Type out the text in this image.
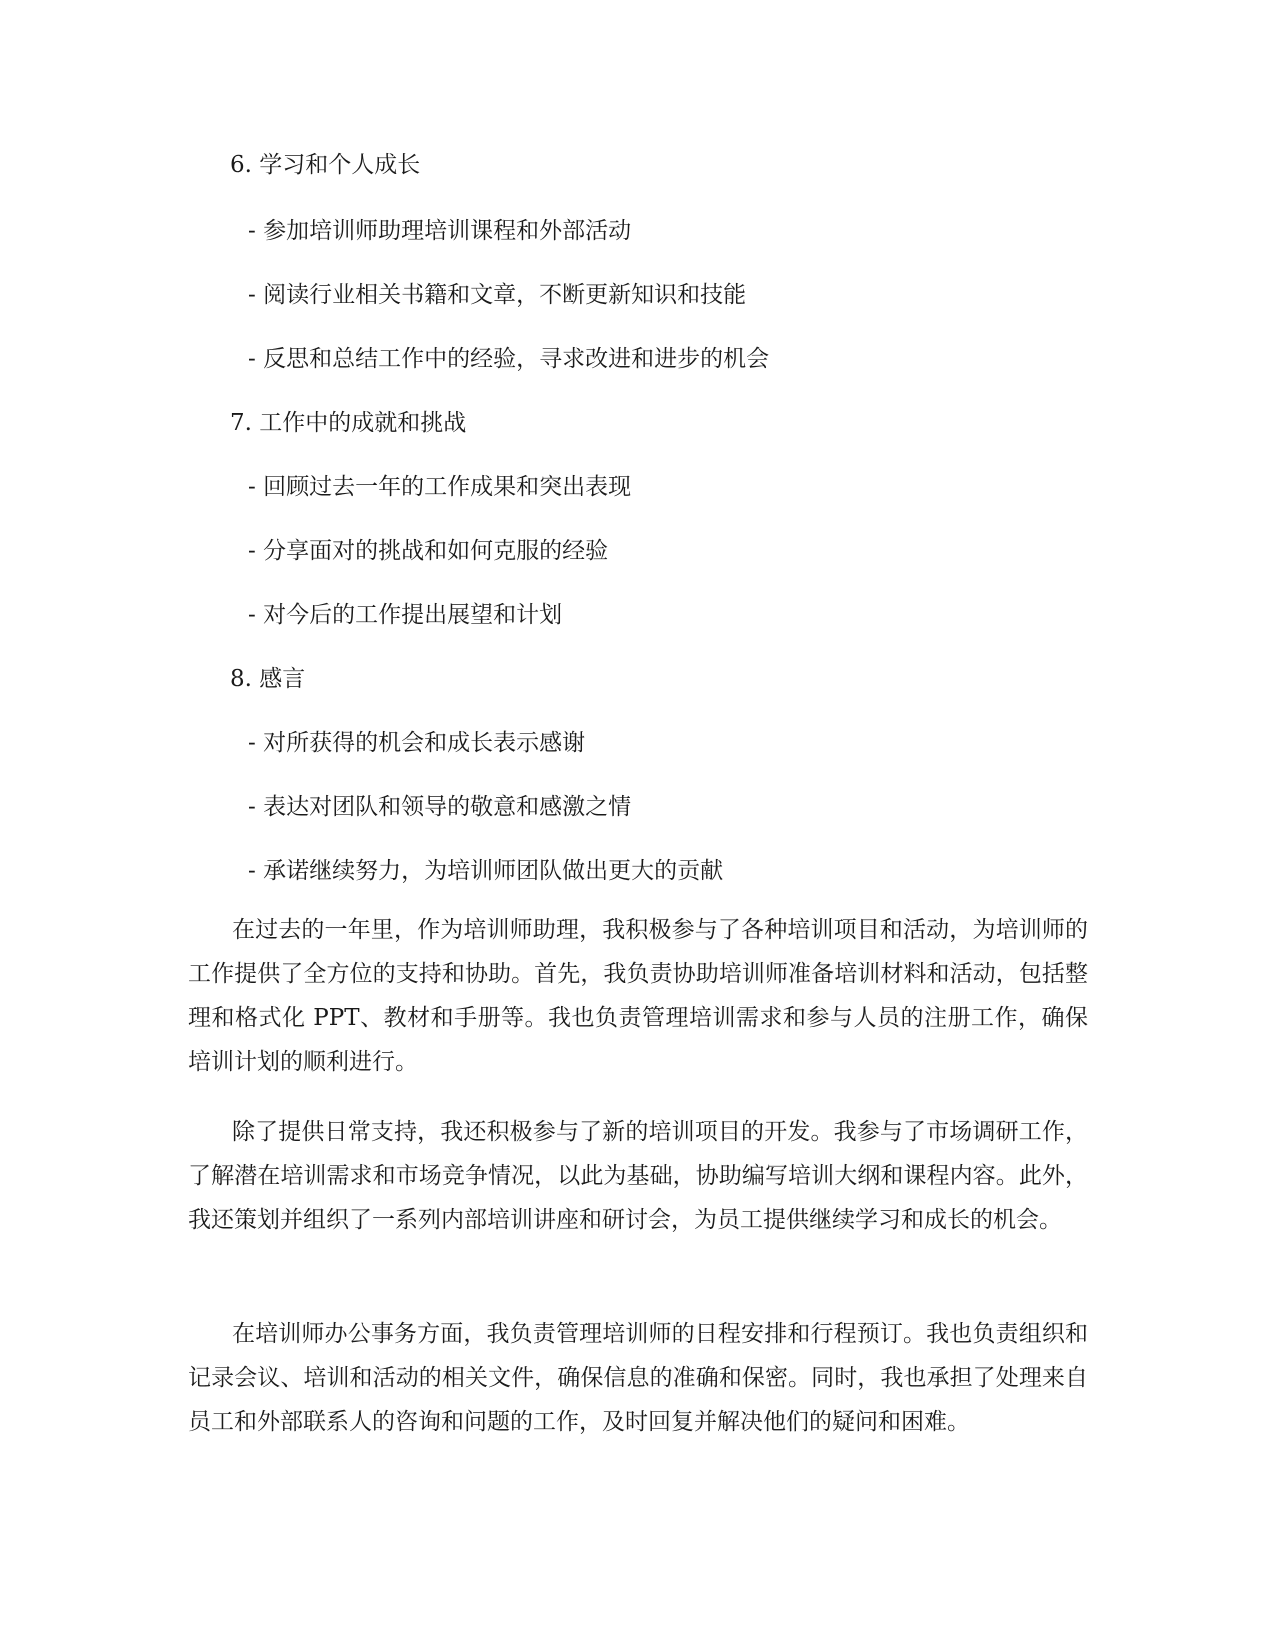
6. 学习和个人成长
- 参加培训师助理培训课程和外部活动
- 阅读行业相关书籍和文章，不断更新知识和技能
- 反思和总结工作中的经验，寻求改进和进步的机会
7. 工作中的成就和挑战
- 回顾过去一年的工作成果和突出表现
- 分享面对的挑战和如何克服的经验
- 对今后的工作提出展望和计划
8. 感言
- 对所获得的机会和成长表示感谢
- 表达对团队和领导的敬意和感激之情
- 承诺继续努力，为培训师团队做出更大的贡献

在过去的一年里，作为培训师助理，我积极参与了各种培训项目和活动，为培训师的工作提供了全方位的支持和协助。首先，我负责协助培训师准备培训材料和活动，包括整理和格式化 PPT、教材和手册等。我也负责管理培训需求和参与人员的注册工作，确保培训计划的顺利进行。

除了提供日常支持，我还积极参与了新的培训项目的开发。我参与了市场调研工作，了解潜在培训需求和市场竞争情况，以此为基础，协助编写培训大纲和课程内容。此外，我还策划并组织了一系列内部培训讲座和研讨会，为员工提供继续学习和成长的机会。

在培训师办公事务方面，我负责管理培训师的日程安排和行程预订。我也负责组织和记录会议、培训和活动的相关文件，确保信息的准确和保密。同时，我也承担了处理来自员工和外部联系人的咨询和问题的工作，及时回复并解决他们的疑问和困难。
